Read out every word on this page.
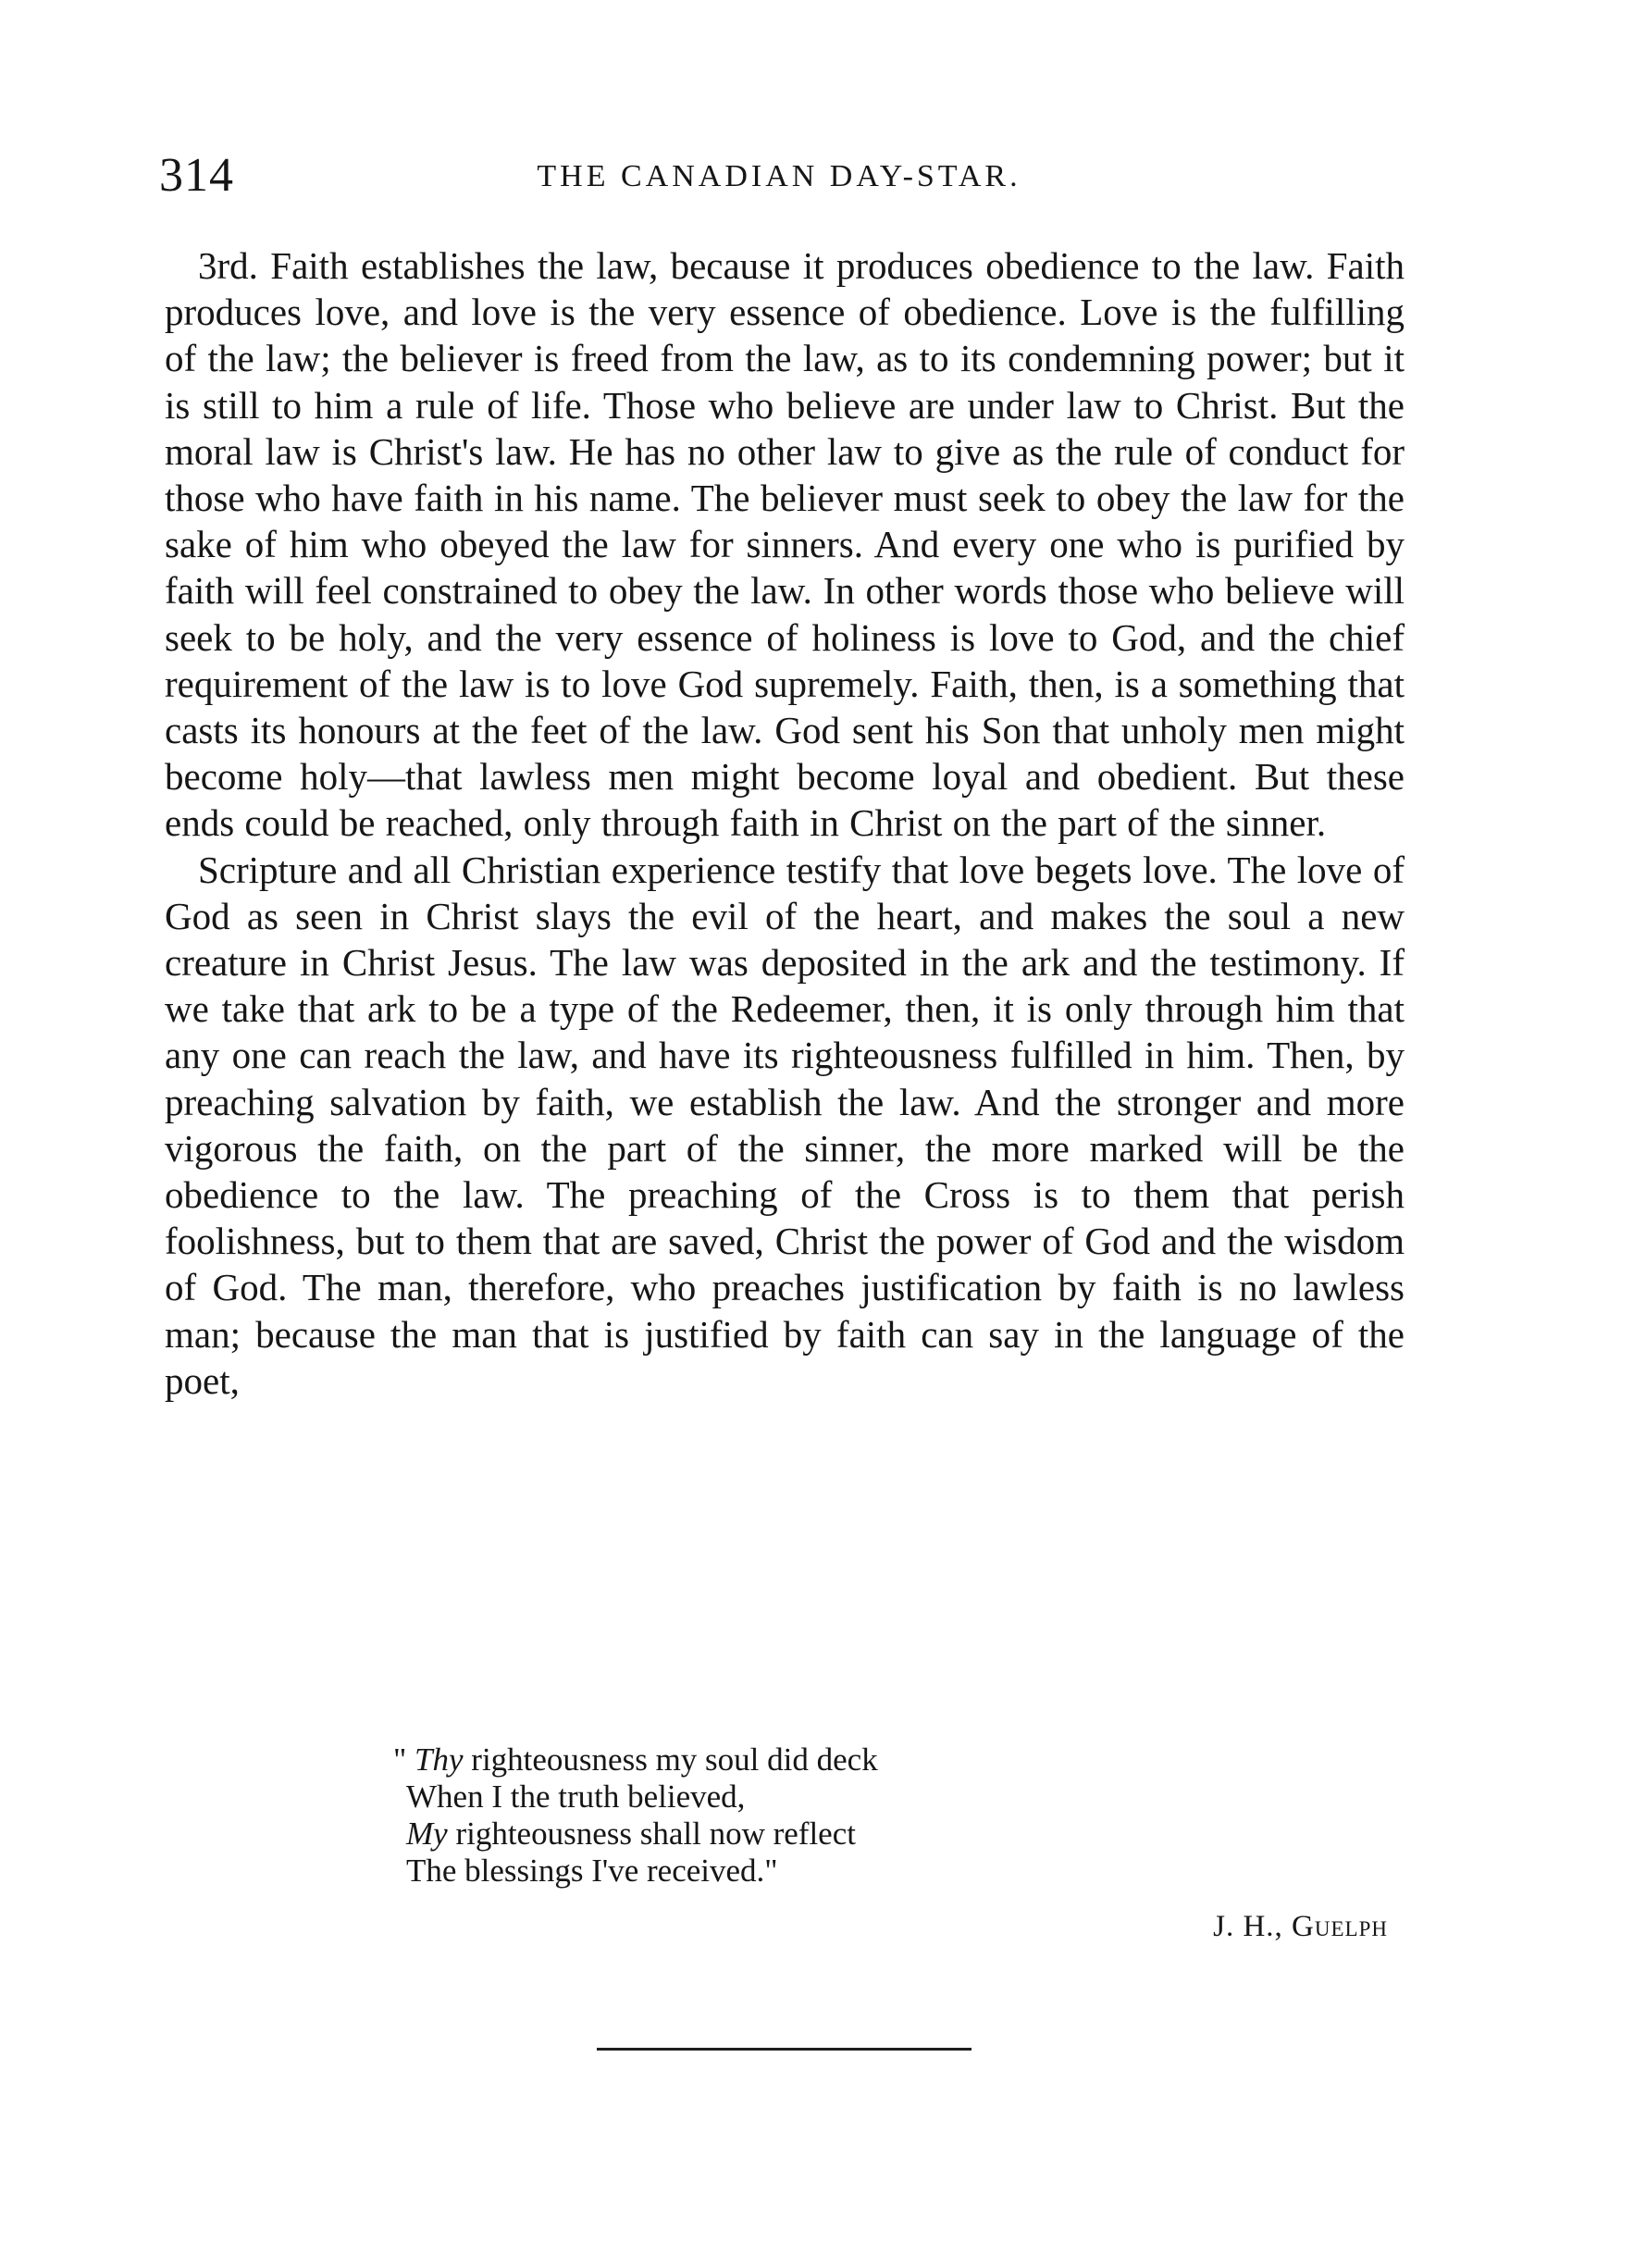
314	THE CANADIAN DAY-STAR.

3rd. Faith establishes the law, because it produces obedience to the law. Faith produces love, and love is the very essence of obedience. Love is the fulfilling of the law; the believer is freed from the law, as to its condemning power; but it is still to him a rule of life. Those who believe are under law to Christ. But the moral law is Christ's law. He has no other law to give as the rule of conduct for those who have faith in his name. The believer must seek to obey the law for the sake of him who obeyed the law for sinners. And every one who is purified by faith will feel constrained to obey the law. In other words those who believe will seek to be holy, and the very essence of holiness is love to God, and the chief requirement of the law is to love God supremely. Faith, then, is a something that casts its honours at the feet of the law. God sent his Son that unholy men might become holy—that lawless men might become loyal and obedient. But these ends could be reached, only through faith in Christ on the part of the sinner.

Scripture and all Christian experience testify that love begets love. The love of God as seen in Christ slays the evil of the heart, and makes the soul a new creature in Christ Jesus. The law was deposited in the ark and the testimony. If we take that ark to be a type of the Redeemer, then, it is only through him that any one can reach the law, and have its righteousness fulfilled in him. Then, by preaching salvation by faith, we establish the law. And the stronger and more vigorous the faith, on the part of the sinner, the more marked will be the obedience to the law. The preaching of the Cross is to them that perish foolishness, but to them that are saved, Christ the power of God and the wisdom of God. The man, therefore, who preaches justification by faith is no lawless man; because the man that is justified by faith can say in the language of the poet,

" Thy righteousness my soul did deck
When I the truth believed,
My righteousness shall now reflect
The blessings I've received."
J. H., Guelph
